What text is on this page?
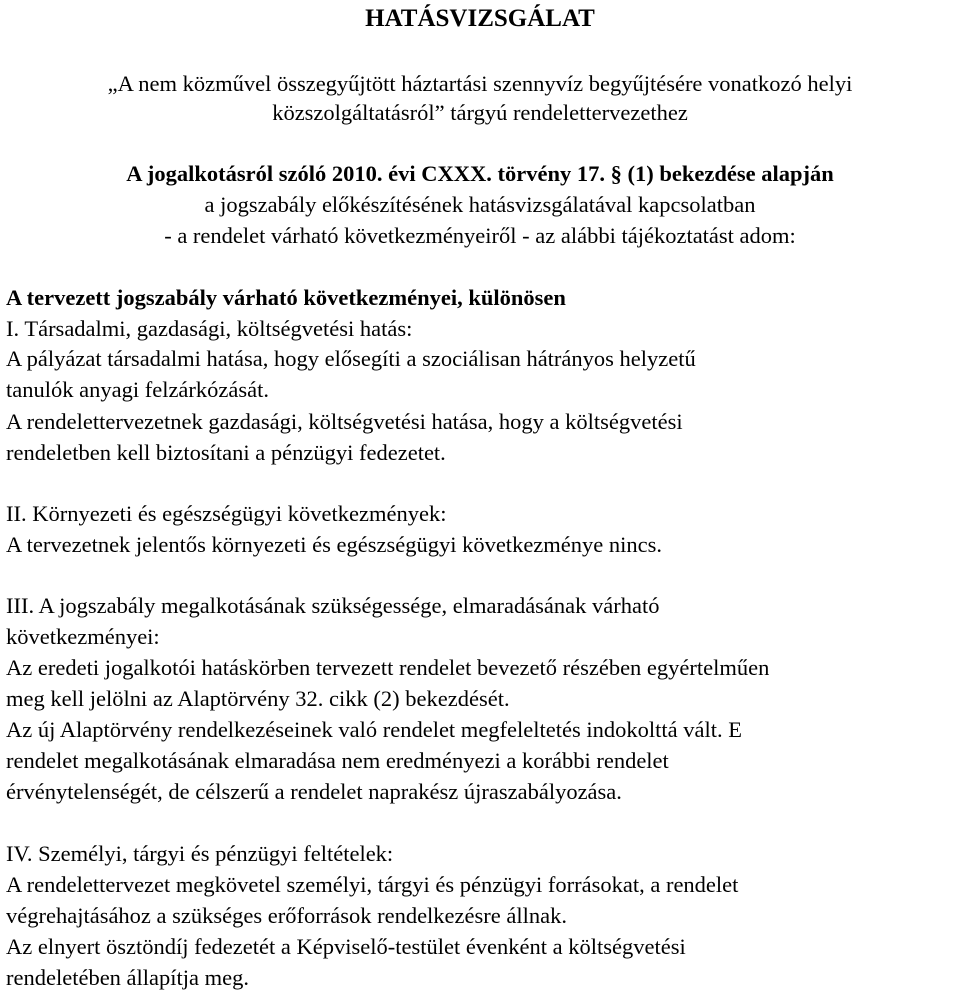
HATÁSVIZSGÁLAT
„A nem közművel összegyűjtött háztartási szennyvíz begyűjtésére vonatkozó helyi
közszolgáltatásról” tárgyú rendelettervezethez
A jogalkotásról szóló 2010. évi CXXX. törvény 17. § (1) bekezdése alapján
a jogszabály előkészítésének hatásvizsgálatával kapcsolatban
- a rendelet várható következményeiről - az alábbi tájékoztatást adom:
A tervezett jogszabály várható következményei, különösen
I. Társadalmi, gazdasági, költségvetési hatás:
A pályázat társadalmi hatása, hogy elősegíti a szociálisan hátrányos helyzetű
tanulók anyagi felzárkózását.
A rendelettervezetnek gazdasági, költségvetési hatása, hogy a költségvetési
rendeletben kell biztosítani a pénzügyi fedezetet.
II. Környezeti és egészségügyi következmények:
A tervezetnek jelentős környezeti és egészségügyi következménye nincs.
III. A jogszabály megalkotásának szükségessége, elmaradásának várható
következményei:
Az eredeti jogalkotói hatáskörben tervezett rendelet bevezető részében egyértelműen
meg kell jelölni az Alaptörvény 32. cikk (2) bekezdését.
Az új Alaptörvény rendelkezéseinek való rendelet megfeleltetés indokolttá vált. E
rendelet megalkotásának elmaradása nem eredményezi a korábbi rendelet
érvénytelenségét, de célszerű a rendelet naprakész újraszabályozása.
IV. Személyi, tárgyi és pénzügyi feltételek:
A rendelettervezet megkövetel személyi, tárgyi és pénzügyi forrásokat, a rendelet
végrehajtásához a szükséges erőforrások rendelkezésre állnak.
Az elnyert ösztöndíj fedezetét a Képviselő-testület évenként a költségvetési
rendeletében állapítja meg.
